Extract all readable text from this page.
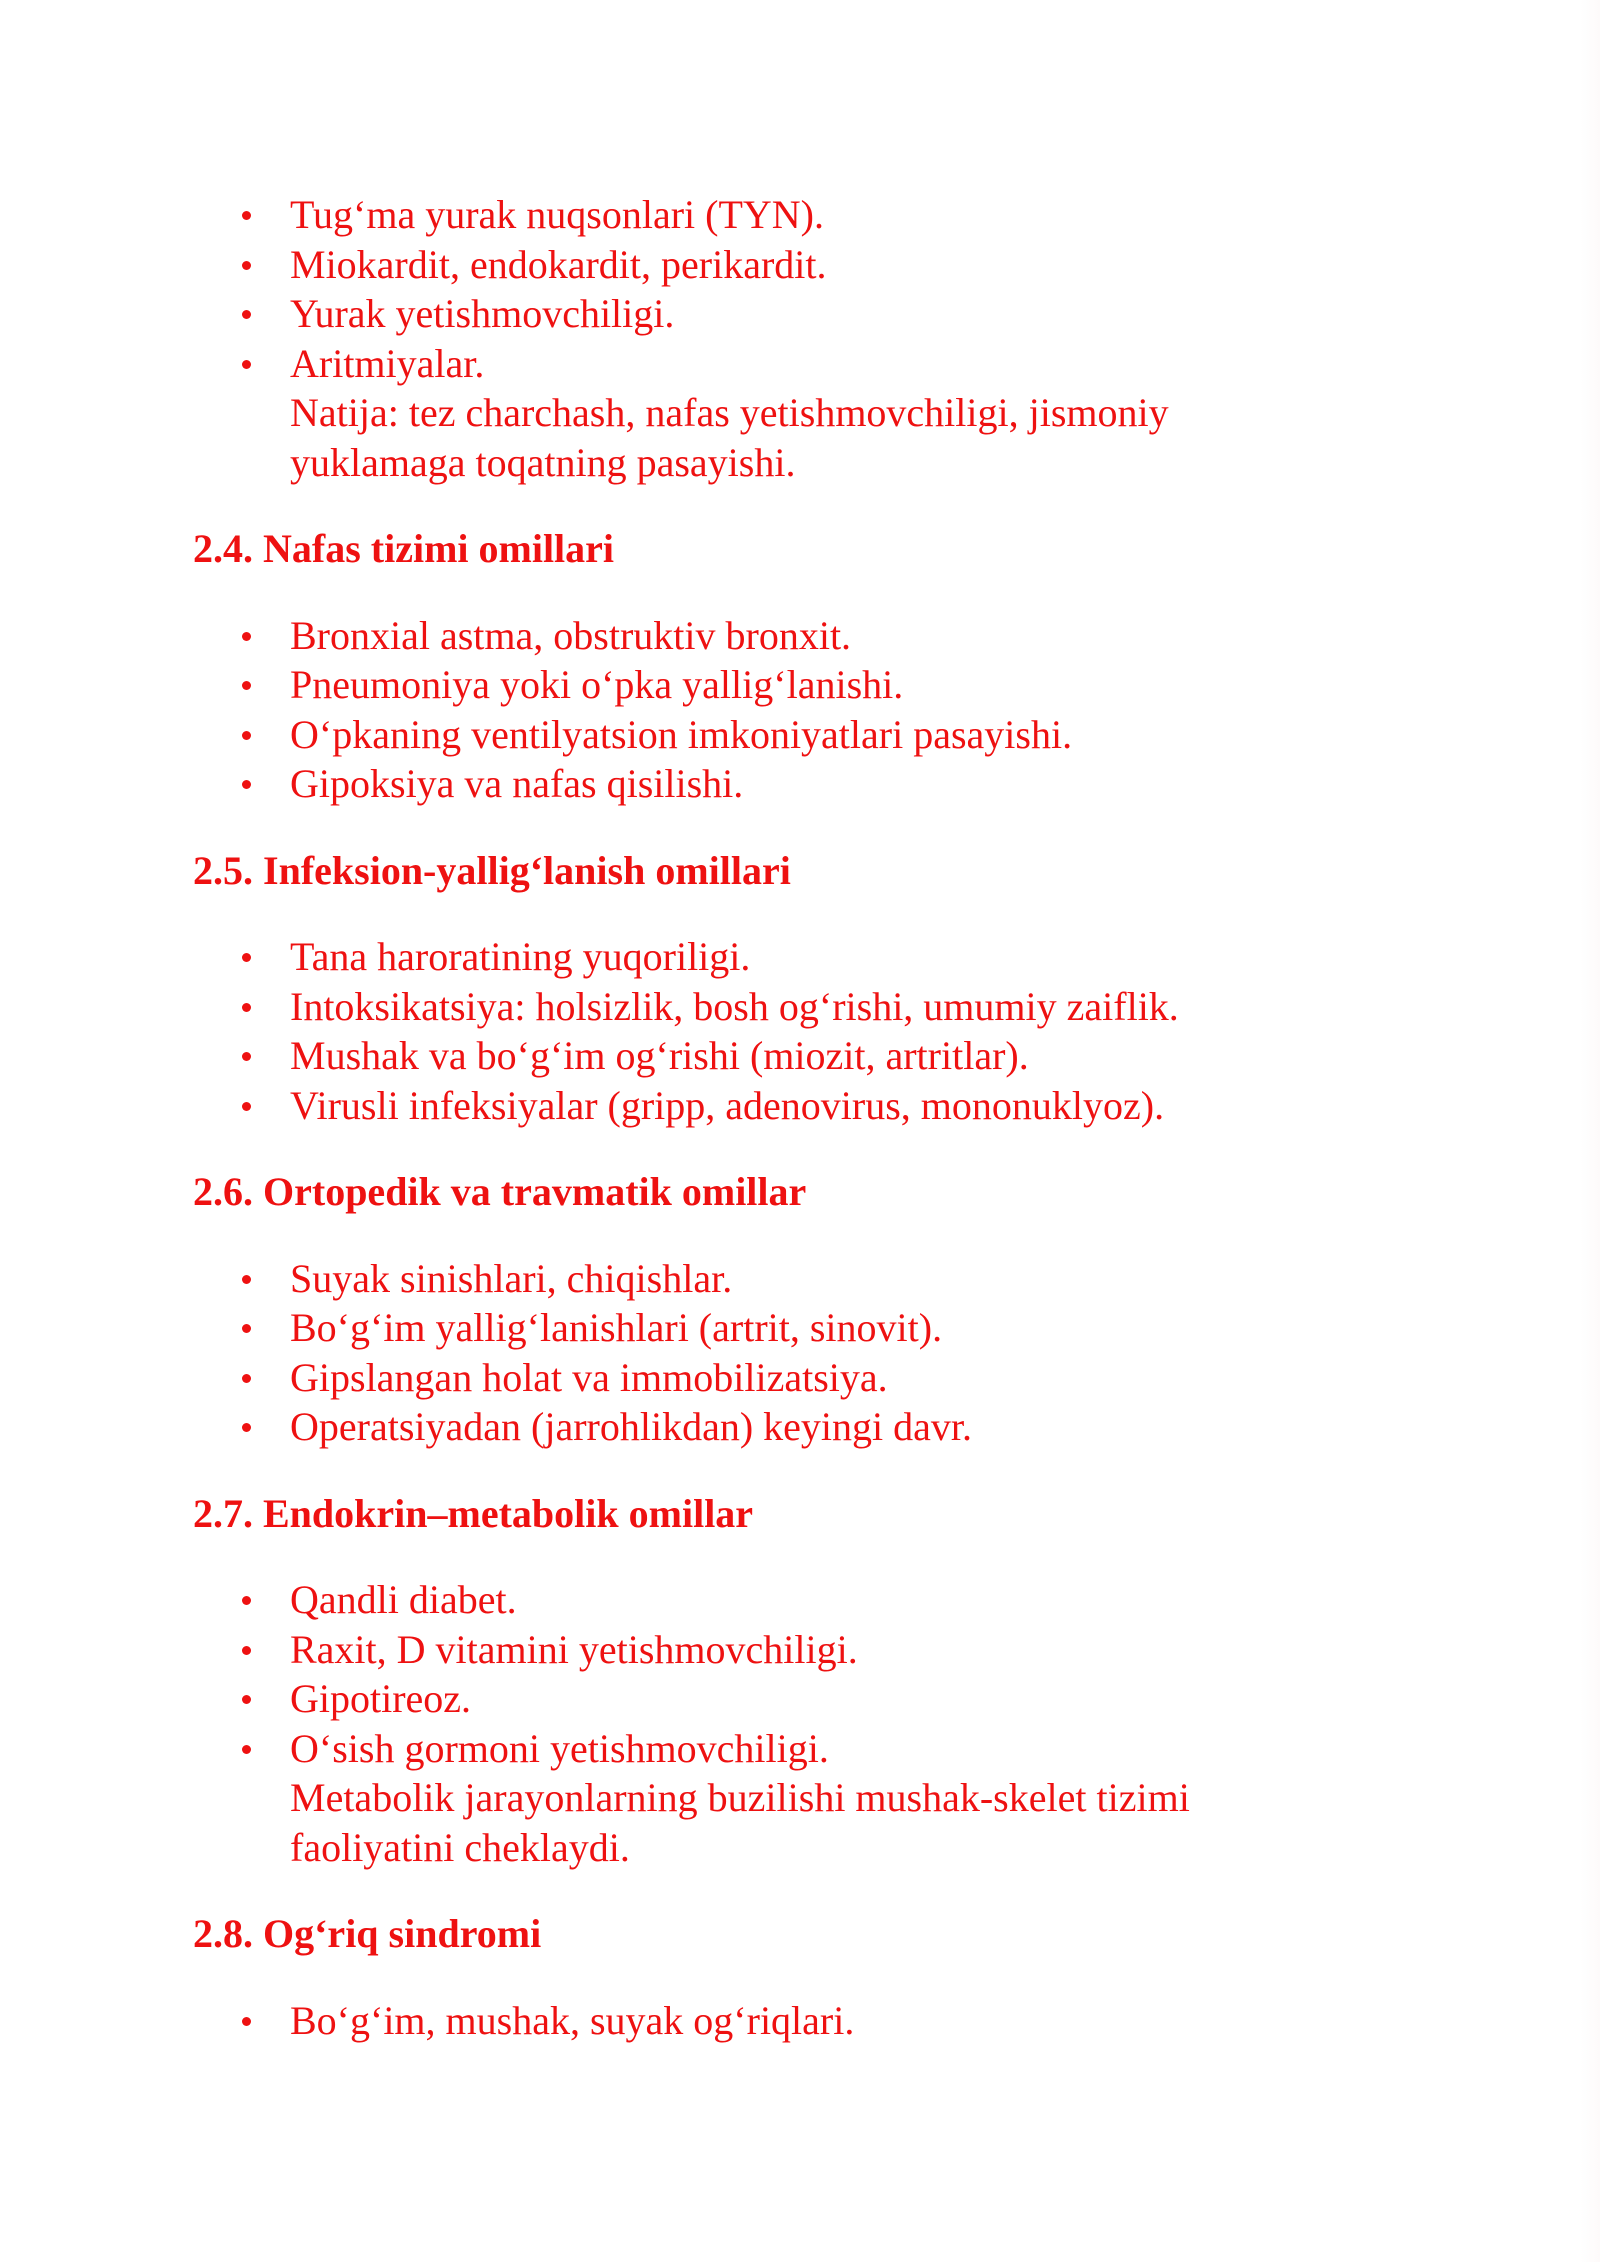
Tug‘ma yurak nuqsonlari (TYN).
Miokardit, endokardit, perikardit.
Yurak yetishmovchiligi.
Aritmiyalar.
Natija: tez charchash, nafas yetishmovchiligi, jismoniy
yuklamaga toqatning pasayishi.
2.4. Nafas tizimi omillari
Bronxial astma, obstruktiv bronxit.
Pneumoniya yoki o‘pka yallig‘lanishi.
O‘pkaning ventilyatsion imkoniyatlari pasayishi.
Gipoksiya va nafas qisilishi.
2.5. Infeksion-yallig‘lanish omillari
Tana haroratining yuqoriligi.
Intoksikatsiya: holsizlik, bosh og‘rishi, umumiy zaiflik.
Mushak va bo‘g‘im og‘rishi (miozit, artritlar).
Virusli infeksiyalar (gripp, adenovirus, mononuklyoz).
2.6. Ortopedik va travmatik omillar
Suyak sinishlari, chiqishlar.
Bo‘g‘im yallig‘lanishlari (artrit, sinovit).
Gipslangan holat va immobilizatsiya.
Operatsiyadan (jarrohlikdan) keyingi davr.
2.7. Endokrin–metabolik omillar
Qandli diabet.
Raxit, D vitamini yetishmovchiligi.
Gipotireoz.
O‘sish gormoni yetishmovchiligi.
Metabolik jarayonlarning buzilishi mushak-skelet tizimi
faoliyatini cheklaydi.
2.8. Og‘riq sindromi
Bo‘g‘im, mushak, suyak og‘riqlari.
